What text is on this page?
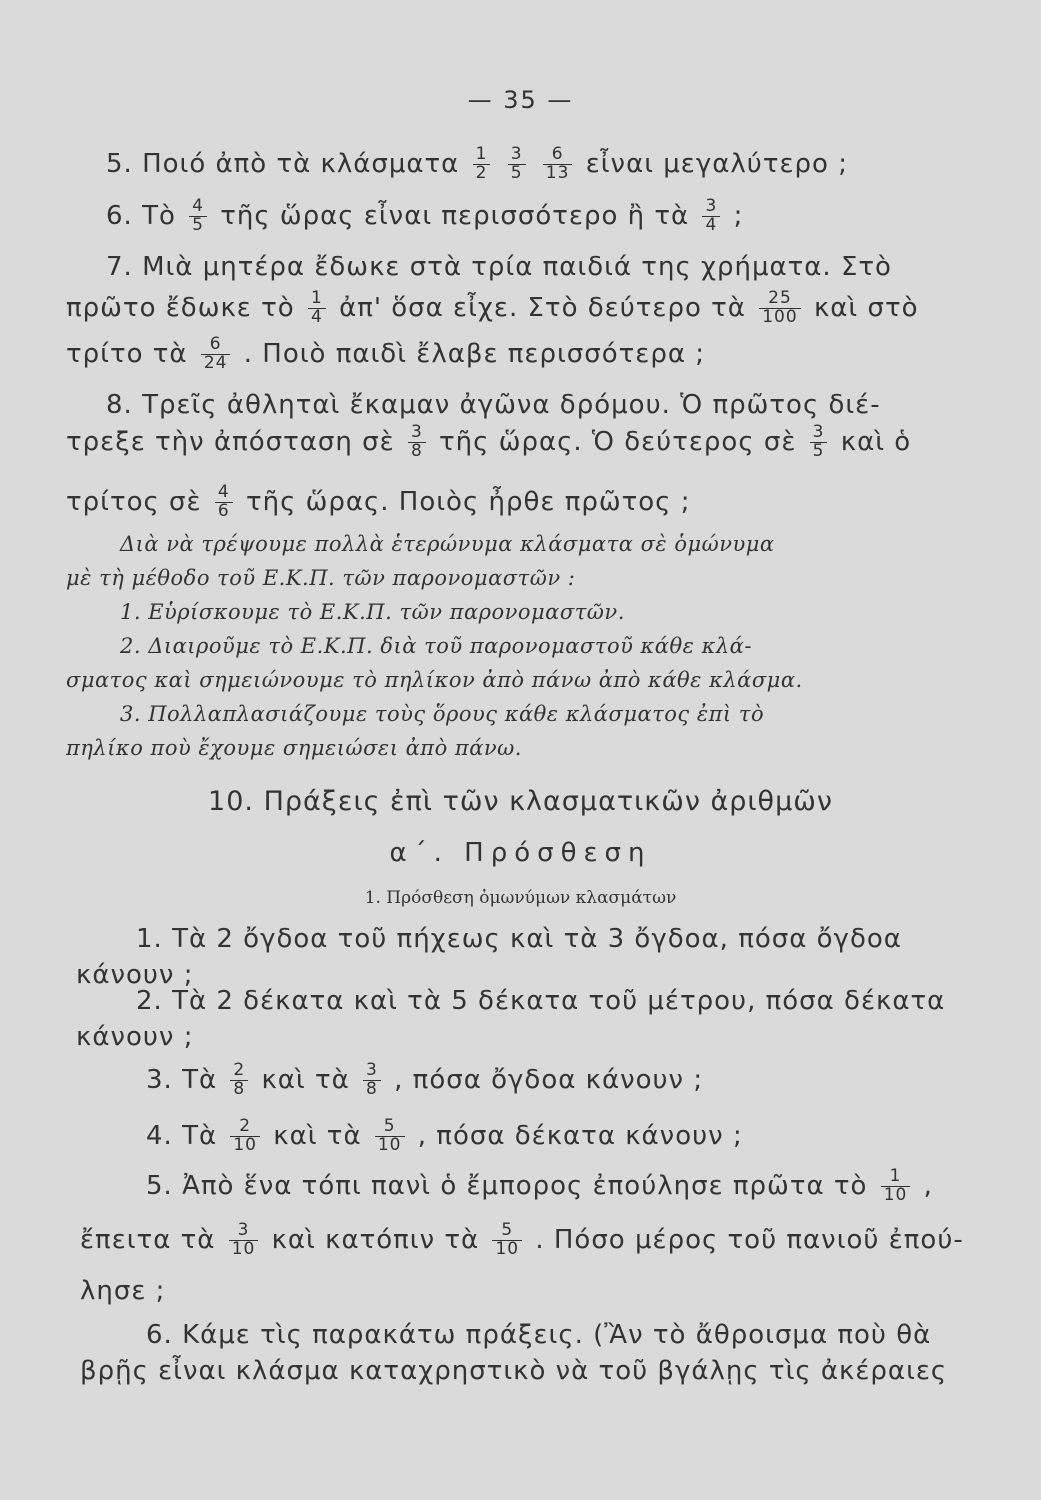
— 35 —
5. Ποιό ἀπὸ τὰ κλάσματα $\frac{1}{2}$
$\frac{3}{5}$
$\frac{6}{13}$ εἶναι μεγαλύτερο ;
6. Τὸ $\frac{4}{5}$ τῆς ὥρας εἶναι περισσότερο ἢ τὰ $\frac{3}{4}$ ;
7. Μιὰ μητέρα ἔδωκε στὰ τρία παιδιά της χρήματα. Στὸ
πρῶτο ἔδωκε τὸ $\frac{1}{4}$ ἀπ' ὅσα εἶχε. Στὸ δεύτερο τὰ $\frac{25}{100}$ καὶ στὸ
τρίτο τὰ $\frac{6}{24}$ . Ποιὸ παιδὶ ἔλαβε περισσότερα ;
8. Τρεῖς ἀθληταὶ ἔκαμαν ἀγῶνα δρόμου. Ὁ πρῶτος διέ-
τρεξε τὴν ἀπόσταση σὲ $\frac{3}{8}$ τῆς ὥρας. Ὁ δεύτερος σὲ $\frac{3}{5}$ καὶ ὁ
τρίτος σὲ $\frac{4}{6}$ τῆς ὥρας. Ποιὸς ἦρθε πρῶτος ;
Διὰ νὰ τρέψουμε πολλὰ ἑτερώνυμα κλάσματα σὲ ὁμώνυμα
μὲ τὴ μέθοδο τοῦ Ε.Κ.Π. τῶν παρονομαστῶν :
1. Εὑρίσκουμε τὸ Ε.Κ.Π. τῶν παρονομαστῶν.
2. Διαιροῦμε τὸ Ε.Κ.Π. διὰ τοῦ παρονομαστοῦ κάθε κλά-
σματος καὶ σημειώνουμε τὸ πηλίκον ἀπὸ πάνω ἀπὸ κάθε κλάσμα.
3. Πολλαπλασιάζουμε τοὺς ὅρους κάθε κλάσματος ἐπὶ τὸ
πηλίκο ποὺ ἔχουμε σημειώσει ἀπὸ πάνω.
10. Πράξεις ἐπὶ τῶν κλασματικῶν ἀριθμῶν
α΄. Πρόσθεση
1. Πρόσθεση ὁμωνύμων κλασμάτων
1. Τὰ 2 ὄγδοα τοῦ πήχεως καὶ τὰ 3 ὄγδοα, πόσα ὄγδοα
κάνουν ;
2. Τὰ 2 δέκατα καὶ τὰ 5 δέκατα τοῦ μέτρου, πόσα δέκατα
κάνουν ;
3. Τὰ $\frac{2}{8}$ καὶ τὰ $\frac{3}{8}$ , πόσα ὄγδοα κάνουν ;
4. Τὰ $\frac{2}{10}$ καὶ τὰ $\frac{5}{10}$ , πόσα δέκατα κάνουν ;
5. Ἀπὸ ἕνα τόπι πανὶ ὁ ἔμπορος ἐπούλησε πρῶτα τὸ $\frac{1}{10}$ ,
ἔπειτα τὰ $\frac{3}{10}$ καὶ κατόπιν τὰ $\frac{5}{10}$ . Πόσο μέρος τοῦ πανιοῦ ἐπού-
λησε ;
6. Κάμε τὶς παρακάτω πράξεις. (Ἂν τὸ ἄθροισμα ποὺ θὰ
βρῇς εἶναι κλάσμα καταχρηστικὸ νὰ τοῦ βγάλῃς τὶς ἀκέραιες
